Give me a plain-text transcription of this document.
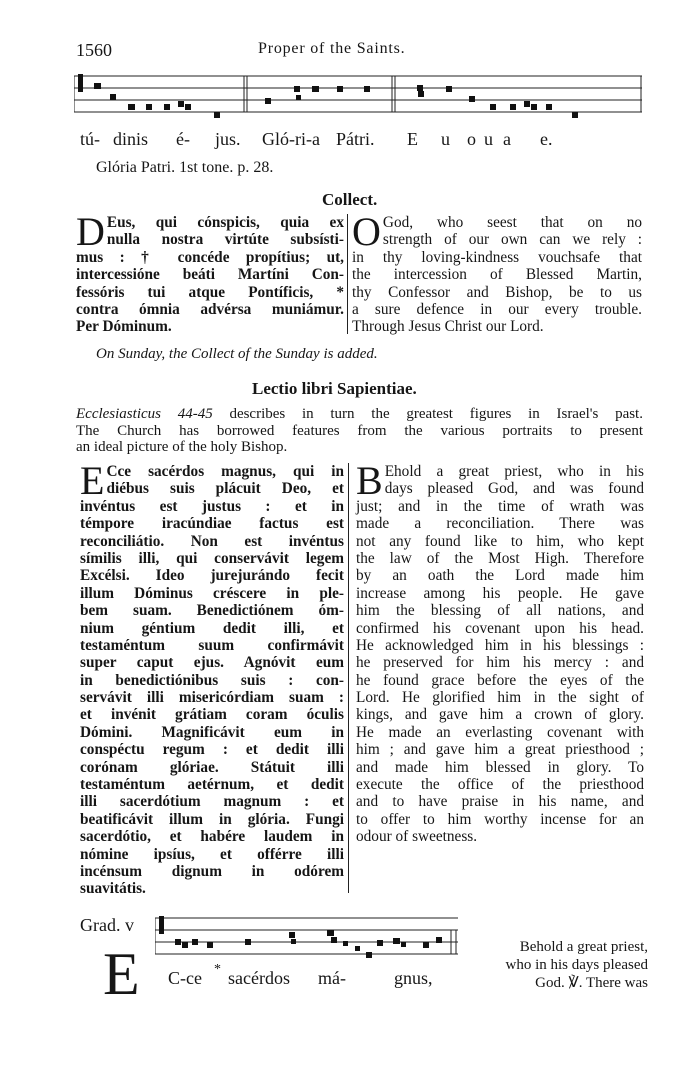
1560	Proper of the Saints.
tú- dinis é- jus. Gló-ri-a Pátri. E u o u a e.
Glória Patri. 1st tone. p. 28.
Collect.
D Eus, qui cónspicis, quia ex
nulla nostra virtúte subsísti-
mus : † concéde propítius; ut,
intercessióne beáti Martíni Con-
fessóris tui atque Pontíficis, *
contra ómnia advérsa muniámur.
Per Dóminum.
O God, who seest that on no
strength of our own can we rely :
in thy loving-kindness vouchsafe that
the intercession of Blessed Martin,
thy Confessor and Bishop, be to us
a sure defence in our every trouble.
Through Jesus Christ our Lord.
On Sunday, the Collect of the Sunday is added.
Lectio libri Sapientiae.
Ecclesiasticus 44-45 describes in turn the greatest figures in Israel's past.
The Church has borrowed features from the various portraits to present
an ideal picture of the holy Bishop.
E Cce sacérdos magnus, qui in
diébus suis plácuit Deo, et
invéntus est justus : et in
témpore iracúndiae factus est
reconciliátio. Non est invéntus
símilis illi, qui conservávit legem
Excélsi. Ideo jurejurándo fecit
illum Dóminus créscere in ple-
bem suam. Benedictiónem óm-
nium géntium dedit illi, et
testaméntum suum confirmávit
super caput ejus. Agnóvit eum
in benedictiónibus suis : con-
servávit illi misericórdiam suam :
et invénit grátiam coram óculis
Dómini. Magnificávit eum in
conspéctu regum : et dedit illi
corónam glóriae. Státuit illi
testaméntum aetérnum, et dedit
illi sacerdótium magnum : et
beatificávit illum in glória. Fungi
sacerdótio, et habére laudem in
nómine ipsíus, et offérre illi
incénsum dignum in odórem
suavitátis.
B Ehold a great priest, who in his
days pleased God, and was found
just; and in the time of wrath was
made a reconciliation. There was
not any found like to him, who kept
the law of the Most High. Therefore
by an oath the Lord made him
increase among his people. He gave
him the blessing of all nations, and
confirmed his covenant upon his head.
He acknowledged him in his blessings :
he preserved for him his mercy : and
he found grace before the eyes of the
Lord. He glorified him in the sight of
kings, and gave him a crown of glory.
He made an everlasting covenant with
him ; and gave him a great priesthood ;
and made him blessed in glory. To
execute the office of the priesthood
and to have praise in his name, and
to offer to him worthy incense for an
odour of sweetness.
Grad. v
E C-ce * sacérdos má-	gnus,
Behold a great priest,
who in his days pleased
God. ℣. There was
